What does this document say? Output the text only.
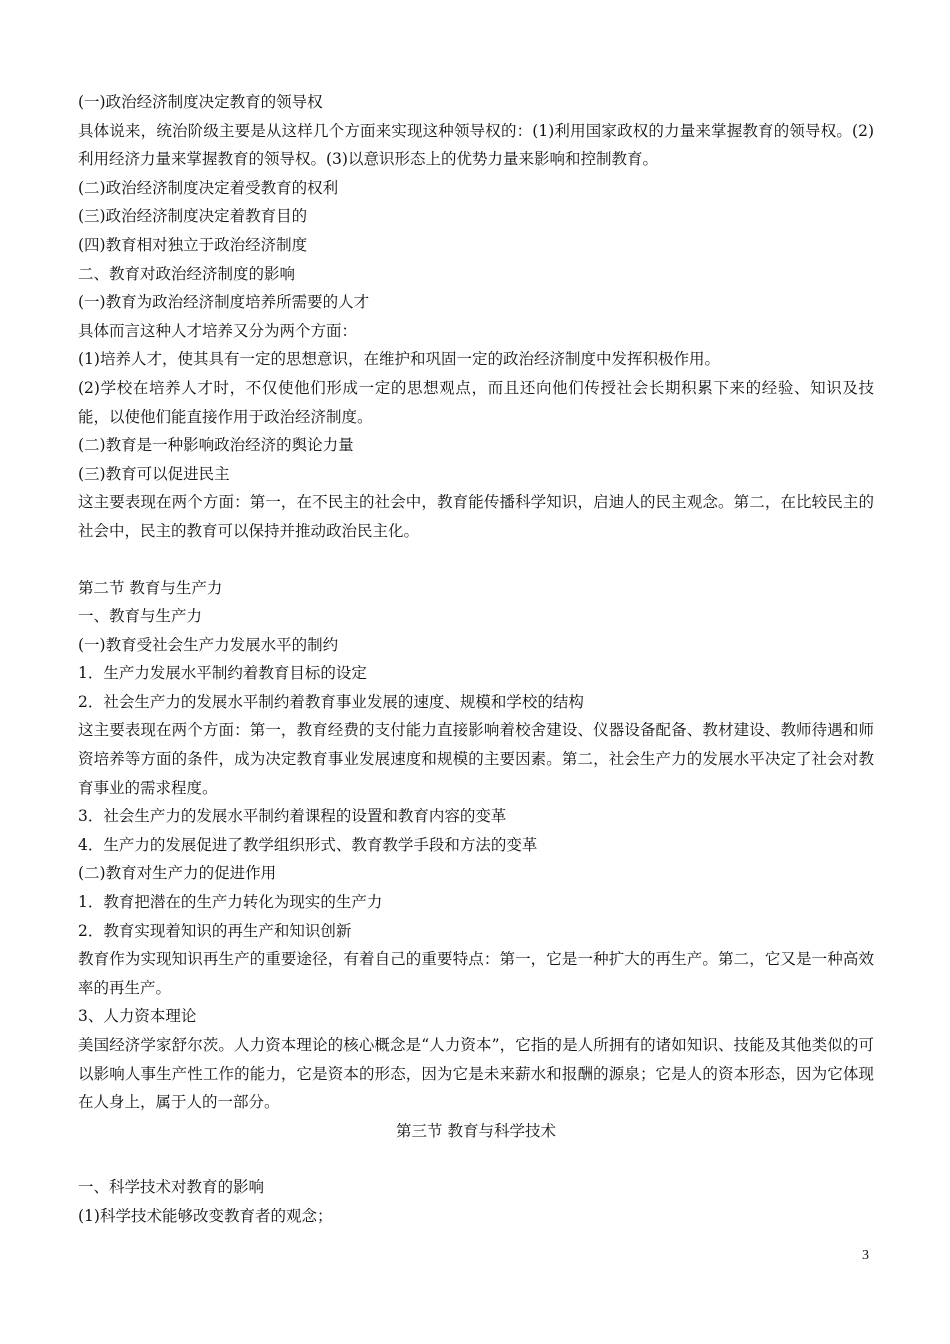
(一)政治经济制度决定教育的领导权

具体说来，统治阶级主要是从这样几个方面来实现这种领导权的：(1)利用国家政权的力量来掌握教育的领导权。(2)利用经济力量来掌握教育的领导权。(3)以意识形态上的优势力量来影响和控制教育。

(二)政治经济制度决定着受教育的权利

(三)政治经济制度决定着教育目的

(四)教育相对独立于政治经济制度

二、教育对政治经济制度的影响

(一)教育为政治经济制度培养所需要的人才

具体而言这种人才培养又分为两个方面：

(1)培养人才，使其具有一定的思想意识，在维护和巩固一定的政治经济制度中发挥积极作用。

(2)学校在培养人才时，不仅使他们形成一定的思想观点，而且还向他们传授社会长期积累下来的经验、知识及技能，以使他们能直接作用于政治经济制度。

(二)教育是一种影响政治经济的舆论力量

(三)教育可以促进民主

这主要表现在两个方面：第一，在不民主的社会中，教育能传播科学知识，启迪人的民主观念。第二，在比较民主的社会中，民主的教育可以保持并推动政治民主化。

第二节 教育与生产力

一、教育与生产力

(一)教育受社会生产力发展水平的制约

1．生产力发展水平制约着教育目标的设定

2．社会生产力的发展水平制约着教育事业发展的速度、规模和学校的结构

这主要表现在两个方面：第一，教育经费的支付能力直接影响着校舍建设、仪器设备配备、教材建设、教师待遇和师资培养等方面的条件，成为决定教育事业发展速度和规模的主要因素。第二，社会生产力的发展水平决定了社会对教育事业的需求程度。

3．社会生产力的发展水平制约着课程的设置和教育内容的变革

4．生产力的发展促进了教学组织形式、教育教学手段和方法的变革

(二)教育对生产力的促进作用

1．教育把潜在的生产力转化为现实的生产力

2．教育实现着知识的再生产和知识创新

教育作为实现知识再生产的重要途径，有着自己的重要特点：第一，它是一种扩大的再生产。第二，它又是一种高效率的再生产。

3、人力资本理论

美国经济学家舒尔茨。人力资本理论的核心概念是“人力资本”，它指的是人所拥有的诸如知识、技能及其他类似的可以影响人事生产性工作的能力，它是资本的形态，因为它是未来薪水和报酬的源泉；它是人的资本形态，因为它体现在人身上，属于人的一部分。

第三节 教育与科学技术

一、科学技术对教育的影响

(1)科学技术能够改变教育者的观念；

3
